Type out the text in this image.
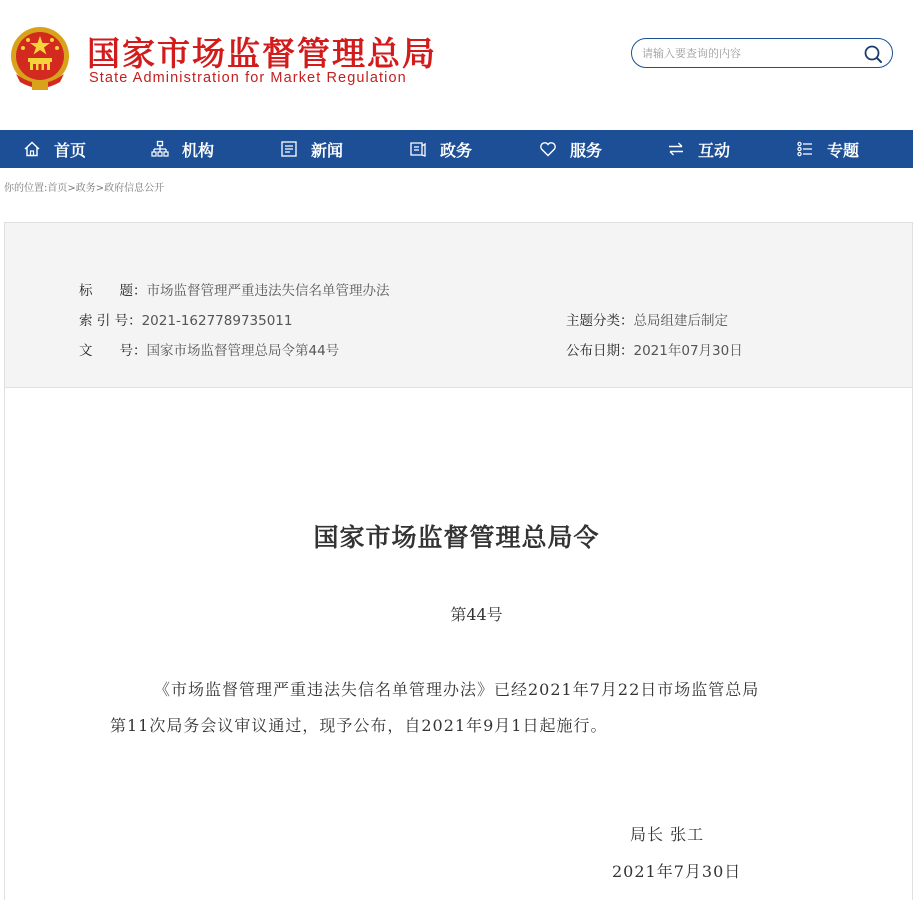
国家市场监督管理总局
State Administration for Market Regulation
请输入要查询的内容
首页	机构	新闻	政务	服务	互动	专题
你的位置:首页>政务>政府信息公开
标　　题：市场监督管理严重违法失信名单管理办法
索 引 号：2021-1627789735011
文　　号：国家市场监督管理总局令第44号
主题分类：总局组建后制定
公布日期：2021年07月30日
国家市场监督管理总局令
第44号
《市场监督管理严重违法失信名单管理办法》已经2021年7月22日市场监管总局
第11次局务会议审议通过，现予公布，自2021年9月1日起施行。
局长 张工
2021年7月30日
